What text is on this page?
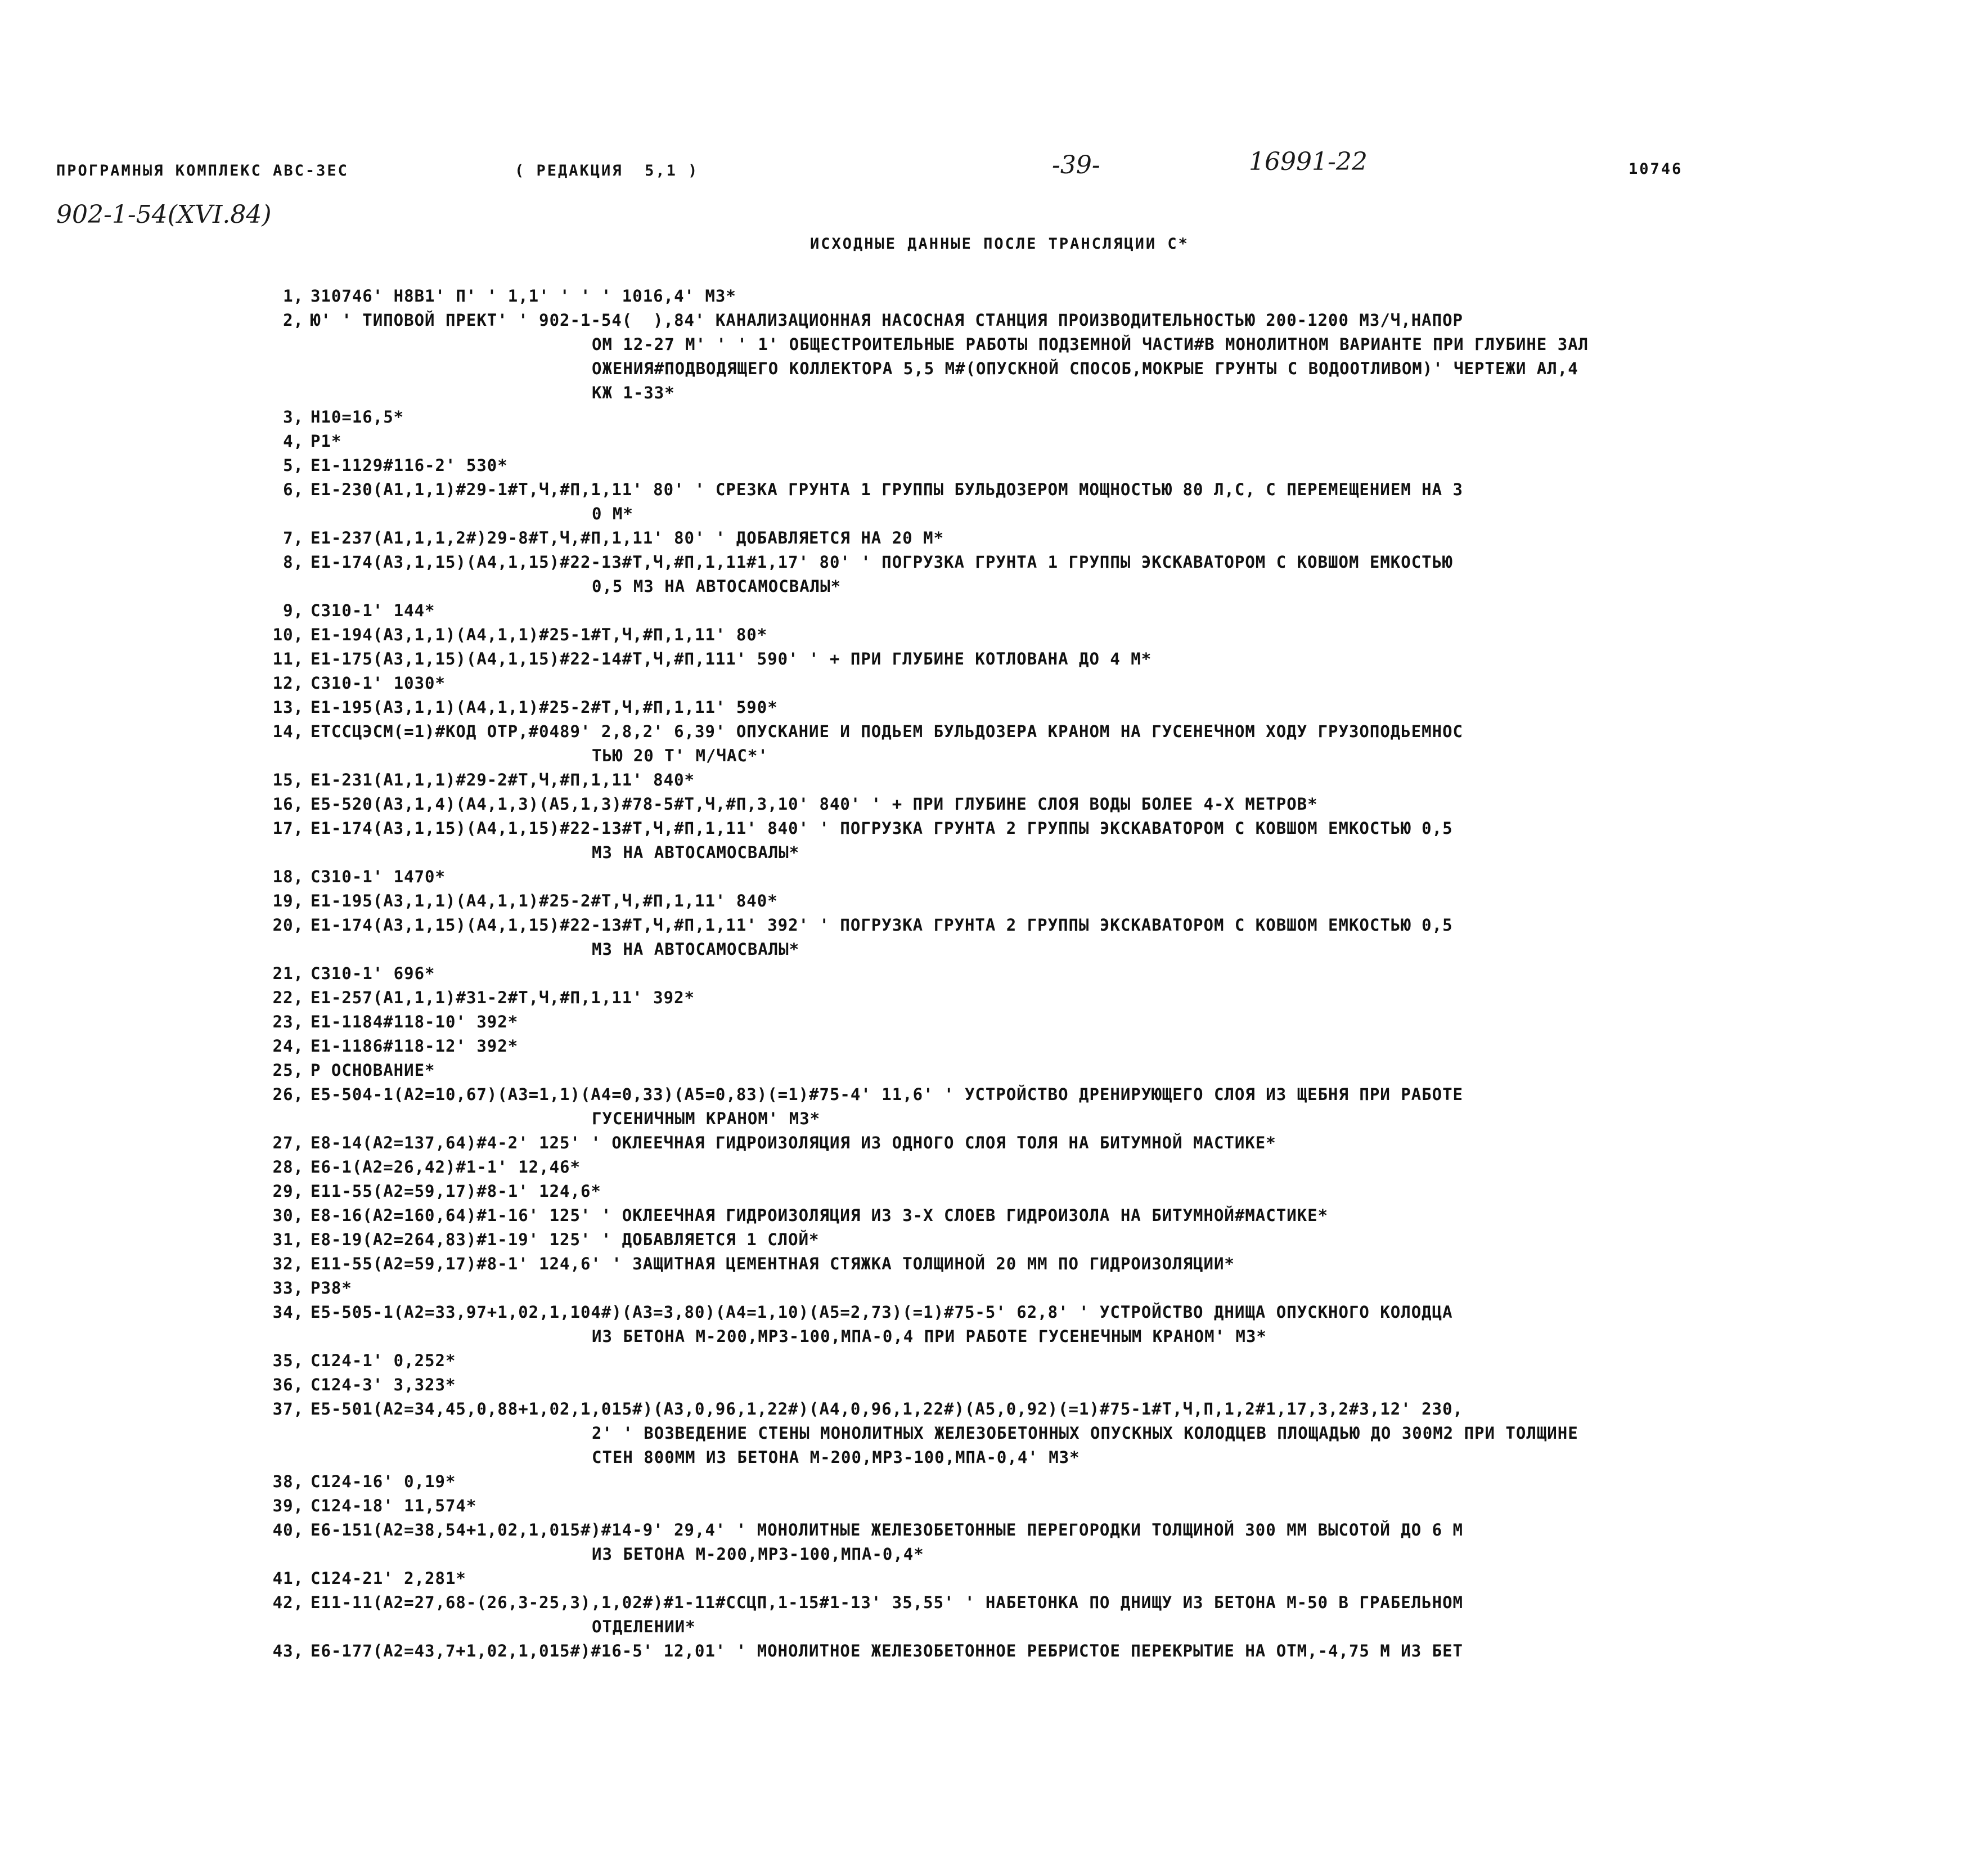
ПРОГРАМНЫЯ КОМПЛЕКС АВС-3ЕС	( РЕДАКЦИЯ  5,1 )	-39-	16991-22	10746
902-1-54(XVI.84)
ИСХОДНЫЕ ДАННЫЕ ПОСЛЕ ТРАНСЛЯЦИИ С*
1, 310746' Н8В1' П' ' 1,1' ' ' ' 1016,4' М3*
2, Ю' ' ТИПОВОЙ ПРЕКТ' ' 902-1-54(  ),84' КАНАЛИЗАЦИОННАЯ НАСОСНАЯ СТАНЦИЯ ПРОИЗВОДИТЕЛЬНОСТЬЮ 200-1200 М3/Ч,НАПОР
ОМ 12-27 М' ' ' 1' ОБЩЕСТРОИТЕЛЬНЫЕ РАБОТЫ ПОДЗЕМНОЙ ЧАСТИ#В МОНОЛИТНОМ ВАРИАНТЕ ПРИ ГЛУБИНЕ ЗАЛ
ОЖЕНИЯ#ПОДВОДЯЩЕГО КОЛЛЕКТОРА 5,5 М#(ОПУСКНОЙ СПОСОБ,МОКРЫЕ ГРУНТЫ С ВОДООТЛИВОМ)' ЧЕРТЕЖИ АЛ,4
КЖ 1-33*
3, Н10=16,5*
4, Р1*
5, Е1-1129#116-2' 530*
6, Е1-230(А1,1,1)#29-1#Т,Ч,#П,1,11' 80' ' СРЕЗКА ГРУНТА 1 ГРУППЫ БУЛЬДОЗЕРОМ МОЩНОСТЬЮ 80 Л,С, С ПЕРЕМЕЩЕНИЕМ НА 3
0 М*
7, Е1-237(А1,1,1,2#)29-8#Т,Ч,#П,1,11' 80' ' ДОБАВЛЯЕТСЯ НА 20 М*
8, Е1-174(А3,1,15)(А4,1,15)#22-13#Т,Ч,#П,1,11#1,17' 80' ' ПОГРУЗКА ГРУНТА 1 ГРУППЫ ЭКСКАВАТОРОМ С КОВШОМ ЕМКОСТЬЮ
0,5 М3 НА АВТОСАМОСВАЛЫ*
9, С310-1' 144*
10, Е1-194(А3,1,1)(А4,1,1)#25-1#Т,Ч,#П,1,11' 80*
11, Е1-175(А3,1,15)(А4,1,15)#22-14#Т,Ч,#П,111' 590' ' + ПРИ ГЛУБИНЕ КОТЛОВАНА ДО 4 М*
12, С310-1' 1030*
13, Е1-195(А3,1,1)(А4,1,1)#25-2#Т,Ч,#П,1,11' 590*
14, ЕТССЦЭСМ(=1)#КОД ОТР,#0489' 2,8,2' 6,39' ОПУСКАНИЕ И ПОДЬЕМ БУЛЬДОЗЕРА КРАНОМ НА ГУСЕНЕЧНОМ ХОДУ ГРУЗОПОДЬЕМНОС
ТЬЮ 20 Т' М/ЧАС*'
15, Е1-231(А1,1,1)#29-2#Т,Ч,#П,1,11' 840*
16, Е5-520(А3,1,4)(А4,1,3)(А5,1,3)#78-5#Т,Ч,#П,3,10' 840' ' + ПРИ ГЛУБИНЕ СЛОЯ ВОДЫ БОЛЕЕ 4-Х МЕТРОВ*
17, Е1-174(А3,1,15)(А4,1,15)#22-13#Т,Ч,#П,1,11' 840' ' ПОГРУЗКА ГРУНТА 2 ГРУППЫ ЭКСКАВАТОРОМ С КОВШОМ ЕМКОСТЬЮ 0,5
М3 НА АВТОСАМОСВАЛЫ*
18, С310-1' 1470*
19, Е1-195(А3,1,1)(А4,1,1)#25-2#Т,Ч,#П,1,11' 840*
20, Е1-174(А3,1,15)(А4,1,15)#22-13#Т,Ч,#П,1,11' 392' ' ПОГРУЗКА ГРУНТА 2 ГРУППЫ ЭКСКАВАТОРОМ С КОВШОМ ЕМКОСТЬЮ 0,5
М3 НА АВТОСАМОСВАЛЫ*
21, С310-1' 696*
22, Е1-257(А1,1,1)#31-2#Т,Ч,#П,1,11' 392*
23, Е1-1184#118-10' 392*
24, Е1-1186#118-12' 392*
25, Р ОСНОВАНИЕ*
26, Е5-504-1(А2=10,67)(А3=1,1)(А4=0,33)(А5=0,83)(=1)#75-4' 11,6' ' УСТРОЙСТВО ДРЕНИРУЮЩЕГО СЛОЯ ИЗ ЩЕБНЯ ПРИ РАБОТЕ
ГУСЕНИЧНЫМ КРАНОМ' М3*
27, Е8-14(А2=137,64)#4-2' 125' ' ОКЛЕЕЧНАЯ ГИДРОИЗОЛЯЦИЯ ИЗ ОДНОГО СЛОЯ ТОЛЯ НА БИТУМНОЙ МАСТИКЕ*
28, Е6-1(А2=26,42)#1-1' 12,46*
29, Е11-55(А2=59,17)#8-1' 124,6*
30, Е8-16(А2=160,64)#1-16' 125' ' ОКЛЕЕЧНАЯ ГИДРОИЗОЛЯЦИЯ ИЗ 3-Х СЛОЕВ ГИДРОИЗОЛА НА БИТУМНОЙ#МАСТИКЕ*
31, Е8-19(А2=264,83)#1-19' 125' ' ДОБАВЛЯЕТСЯ 1 СЛОЙ*
32, Е11-55(А2=59,17)#8-1' 124,6' ' ЗАЩИТНАЯ ЦЕМЕНТНАЯ СТЯЖКА ТОЛЩИНОЙ 20 ММ ПО ГИДРОИЗОЛЯЦИИ*
33, Р38*
34, Е5-505-1(А2=33,97+1,02,1,104#)(А3=3,80)(А4=1,10)(А5=2,73)(=1)#75-5' 62,8' ' УСТРОЙСТВО ДНИЩА ОПУСКНОГО КОЛОДЦА
ИЗ БЕТОНА М-200,МРЗ-100,МПА-0,4 ПРИ РАБОТЕ ГУСЕНЕЧНЫМ КРАНОМ' М3*
35, С124-1' 0,252*
36, С124-3' 3,323*
37, Е5-501(А2=34,45,0,88+1,02,1,015#)(А3,0,96,1,22#)(А4,0,96,1,22#)(А5,0,92)(=1)#75-1#Т,Ч,П,1,2#1,17,3,2#3,12' 230,
2' ' ВОЗВЕДЕНИЕ СТЕНЫ МОНОЛИТНЫХ ЖЕЛЕЗОБЕТОННЫХ ОПУСКНЫХ КОЛОДЦЕВ ПЛОЩАДЬЮ ДО 300М2 ПРИ ТОЛЩИНЕ
СТЕН 800ММ ИЗ БЕТОНА М-200,МРЗ-100,МПА-0,4' М3*
38, С124-16' 0,19*
39, С124-18' 11,574*
40, Е6-151(А2=38,54+1,02,1,015#)#14-9' 29,4' ' МОНОЛИТНЫЕ ЖЕЛЕЗОБЕТОННЫЕ ПЕРЕГОРОДКИ ТОЛЩИНОЙ 300 ММ ВЫСОТОЙ ДО 6 М
ИЗ БЕТОНА М-200,МРЗ-100,МПА-0,4*
41, С124-21' 2,281*
42, Е11-11(А2=27,68-(26,3-25,3),1,02#)#1-11#ССЦП,1-15#1-13' 35,55' ' НАБЕТОНКА ПО ДНИЩУ ИЗ БЕТОНА М-50 В ГРАБЕЛЬНОМ
ОТДЕЛЕНИИ*
43, Е6-177(А2=43,7+1,02,1,015#)#16-5' 12,01' ' МОНОЛИТНОЕ ЖЕЛЕЗОБЕТОННОЕ РЕБРИСТОЕ ПЕРЕКРЫТИЕ НА ОТМ,-4,75 М ИЗ БЕТ
